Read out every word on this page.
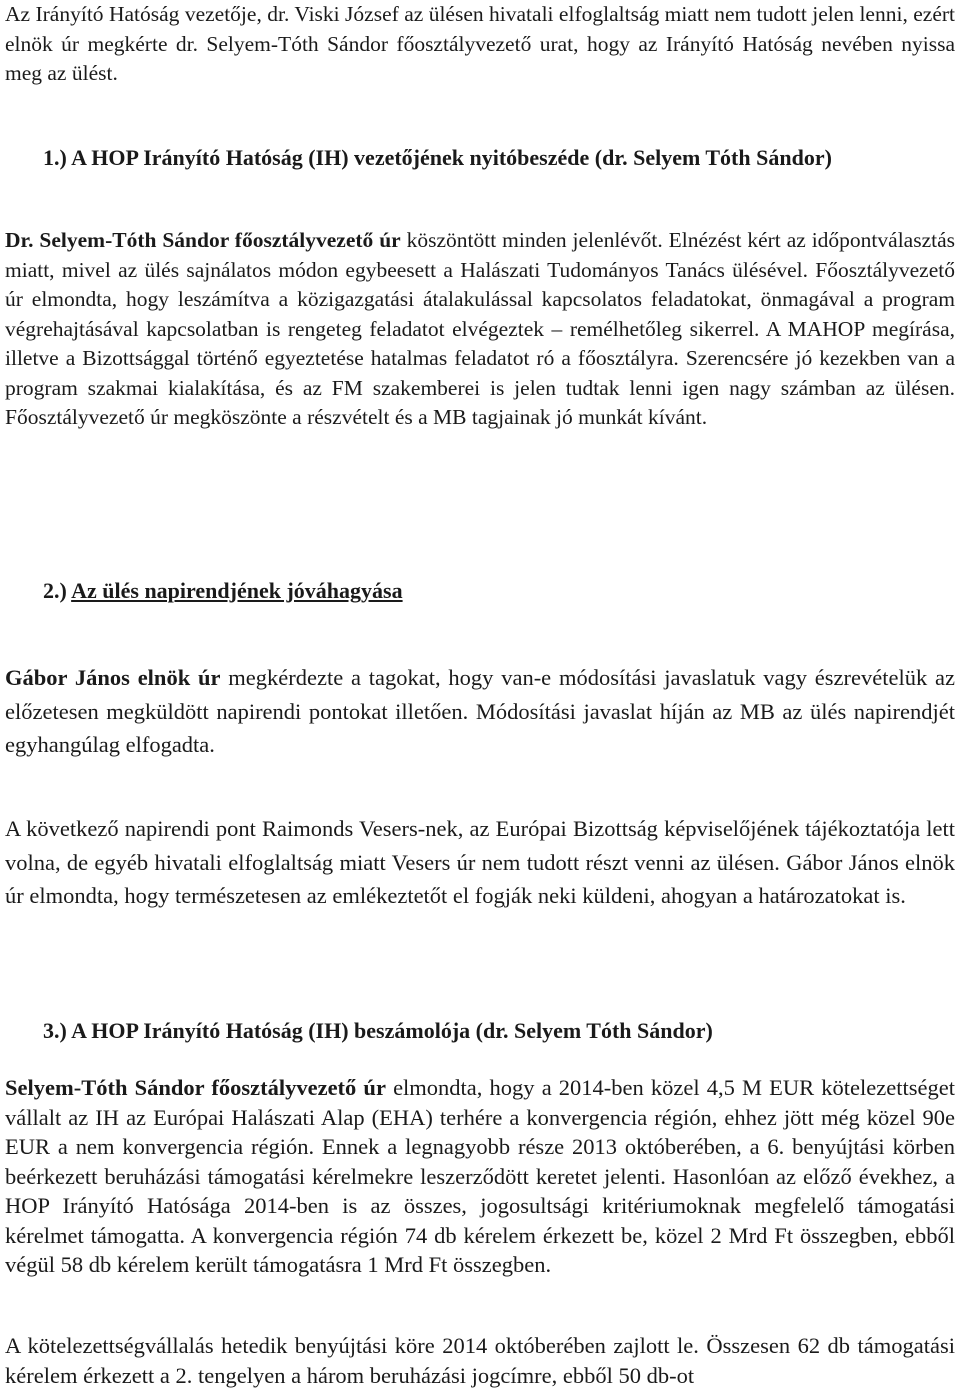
Az Irányító Hatóság vezetője, dr. Viski József az ülésen hivatali elfoglaltság miatt nem tudott jelen lenni, ezért elnök úr megkérte dr. Selyem-Tóth Sándor főosztályvezető urat, hogy az Irányító Hatóság nevében nyissa meg az ülést.

1.) A HOP Irányító Hatóság (IH) vezetőjének nyitóbeszéde (dr. Selyem Tóth Sándor)

Dr. Selyem-Tóth Sándor főosztályvezető úr köszöntött minden jelenlévőt. Elnézést kért az időpontválasztás miatt, mivel az ülés sajnálatos módon egybeesett a Halászati Tudományos Tanács ülésével. Főosztályvezető úr elmondta, hogy leszámítva a közigazgatási átalakulással kapcsolatos feladatokat, önmagával a program végrehajtásával kapcsolatban is rengeteg feladatot elvégeztek – remélhetőleg sikerrel. A MAHOP megírása, illetve a Bizottsággal történő egyeztetése hatalmas feladatot ró a főosztályra. Szerencsére jó kezekben van a program szakmai kialakítása, és az FM szakemberei is jelen tudtak lenni igen nagy számban az ülésen. Főosztályvezető úr megköszönte a részvételt és a MB tagjainak jó munkát kívánt.

2.) Az ülés napirendjének jóváhagyása

Gábor János elnök úr megkérdezte a tagokat, hogy van-e módosítási javaslatuk vagy észrevételük az előzetesen megküldött napirendi pontokat illetően. Módosítási javaslat híján az MB az ülés napirendjét egyhangúlag elfogadta.

A következő napirendi pont Raimonds Vesers-nek, az Európai Bizottság képviselőjének tájékoztatója lett volna, de egyéb hivatali elfoglaltság miatt Vesers úr nem tudott részt venni az ülésen. Gábor János elnök úr elmondta, hogy természetesen az emlékeztetőt el fogják neki küldeni, ahogyan a határozatokat is.

3.) A HOP Irányító Hatóság (IH) beszámolója (dr. Selyem Tóth Sándor)

Selyem-Tóth Sándor főosztályvezető úr elmondta, hogy a 2014-ben közel 4,5 M EUR kötelezettséget vállalt az IH az Európai Halászati Alap (EHA) terhére a konvergencia régión, ehhez jött még közel 90e EUR a nem konvergencia régión. Ennek a legnagyobb része 2013 októberében, a 6. benyújtási körben beérkezett beruházási támogatási kérelmekre leszerződött keretet jelenti. Hasonlóan az előző évekhez, a HOP Irányító Hatósága 2014-ben is az összes, jogosultsági kritériumoknak megfelelő támogatási kérelmet támogatta. A konvergencia régión 74 db kérelem érkezett be, közel 2 Mrd Ft összegben, ebből végül 58 db kérelem került támogatásra 1 Mrd Ft összegben.

A kötelezettségvállalás hetedik benyújtási köre 2014 októberében zajlott le. Összesen 62 db támogatási kérelem érkezett a 2. tengelyen a három beruházási jogcímre, ebből 50 db-ot
